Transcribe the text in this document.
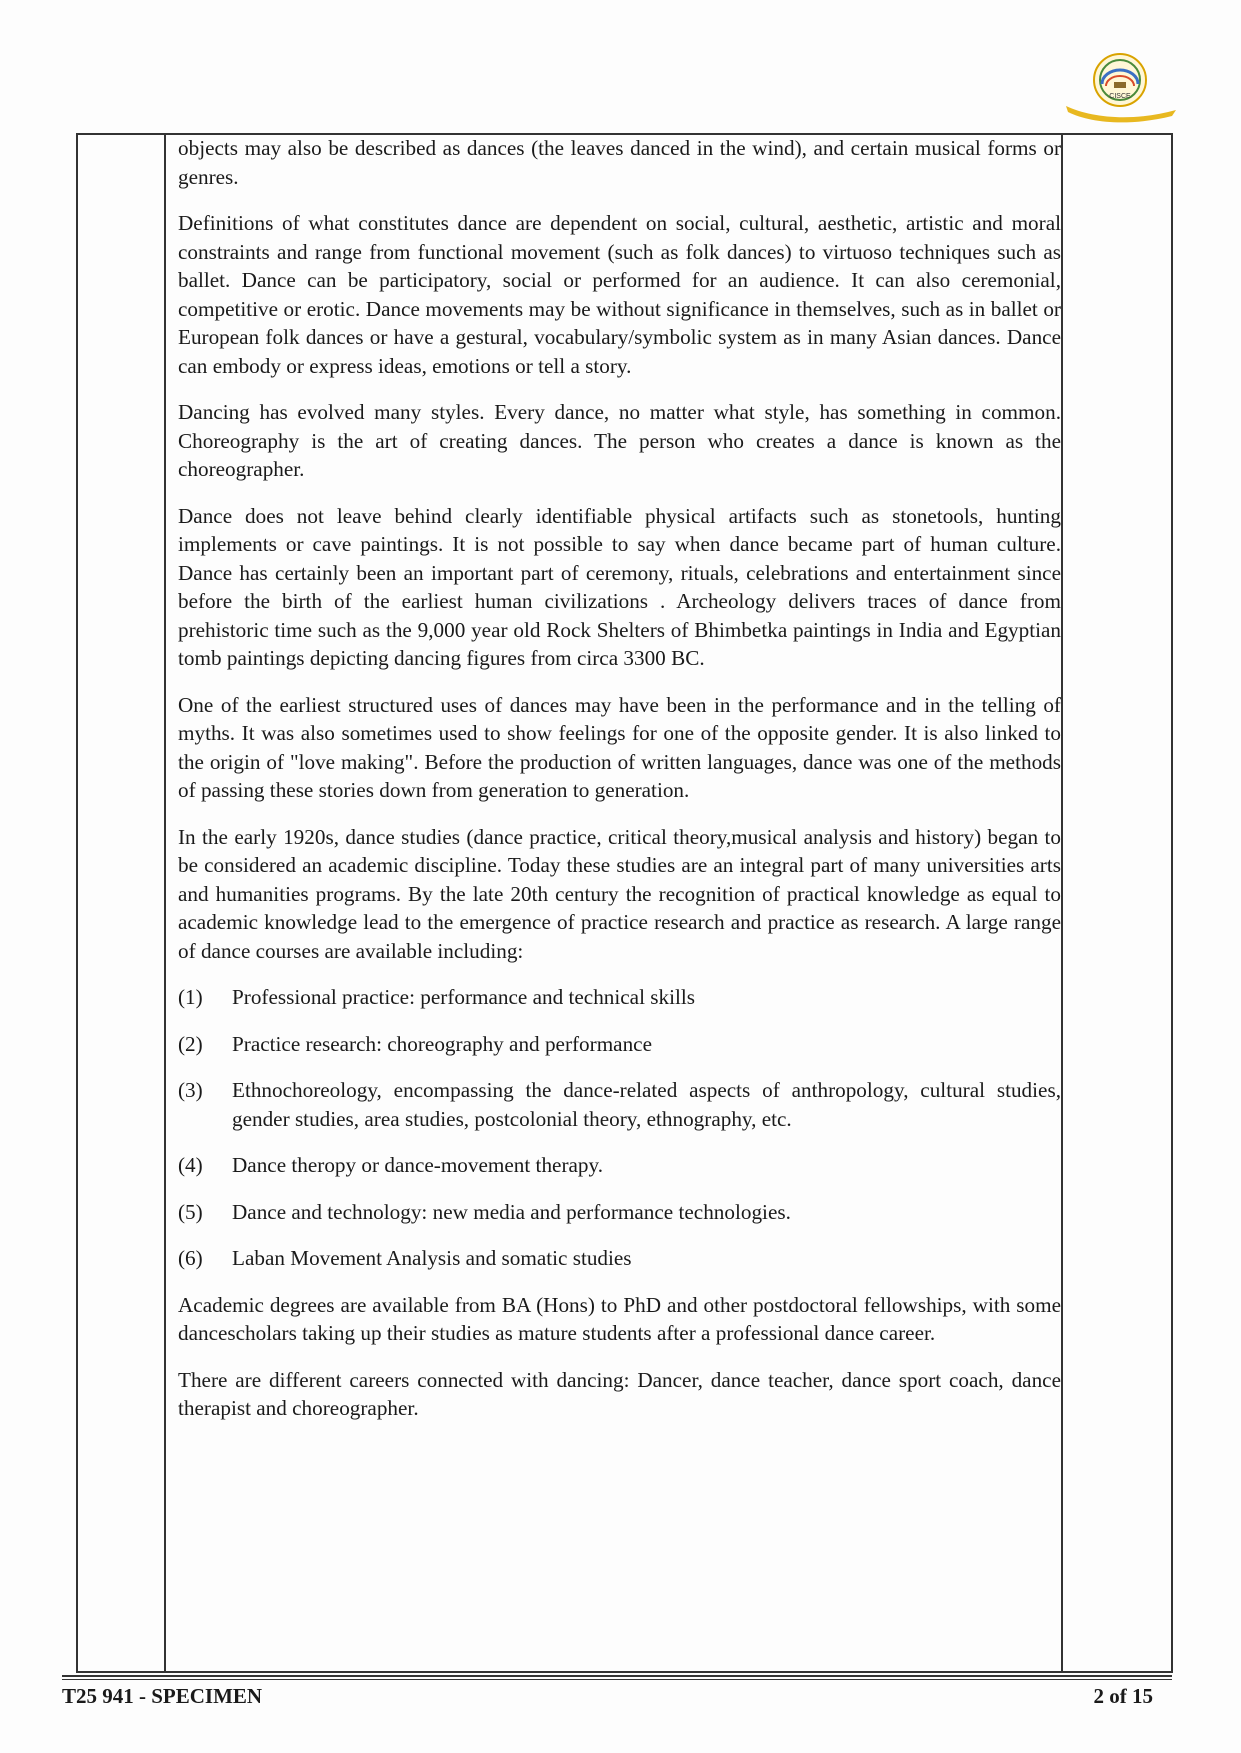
CISCE

objects may also be described as dances (the leaves danced in the wind), and certain musical forms or genres.

Definitions of what constitutes dance are dependent on social, cultural, aesthetic, artistic and moral constraints and range from functional movement (such as folk dances) to virtuoso techniques such as ballet. Dance can be participatory, social or performed for an audience. It can also ceremonial, competitive or erotic. Dance movements may be without significance in themselves, such as in ballet or European folk dances or have a gestural, vocabulary/symbolic system as in many Asian dances. Dance can embody or express ideas, emotions or tell a story.

Dancing has evolved many styles. Every dance, no matter what style, has something in common. Choreography is the art of creating dances. The person who creates a dance is known as the choreographer.

Dance does not leave behind clearly identifiable physical artifacts such as stonetools, hunting implements or cave paintings. It is not possible to say when dance became part of human culture. Dance has certainly been an important part of ceremony, rituals, celebrations and entertainment since before the birth of the earliest human civilizations . Archeology delivers traces of dance from prehistoric time such as the 9,000 year old Rock Shelters of Bhimbetka paintings in India and Egyptian tomb paintings depicting dancing figures from circa 3300 BC.

One of the earliest structured uses of dances may have been in the performance and in the telling of myths. It was also sometimes used to show feelings for one of the opposite gender. It is also linked to the origin of "love making". Before the production of written languages, dance was one of the methods of passing these stories down from generation to generation.

In the early 1920s, dance studies (dance practice, critical theory,musical analysis and history) began to be considered an academic discipline. Today these studies are an integral part of many universities arts and humanities programs. By the late 20th century the recognition of practical knowledge as equal to academic knowledge lead to the emergence of practice research and practice as research. A large range of dance courses are available including:

(1)	Professional practice: performance and technical skills
(2)	Practice research: choreography and performance
(3)	Ethnochoreology, encompassing the dance-related aspects of anthropology, cultural studies, gender studies, area studies, postcolonial theory, ethnography, etc.
(4)	Dance theropy or dance-movement therapy.
(5)	Dance and technology: new media and performance technologies.
(6)	Laban Movement Analysis and somatic studies

Academic degrees are available from BA (Hons) to PhD and other postdoctoral fellowships, with some dancescholars taking up their studies as mature students after a professional dance career.

There are different careers connected with dancing: Dancer, dance teacher, dance sport coach, dance therapist and choreographer.

T25 941 - SPECIMEN	2 of 15
